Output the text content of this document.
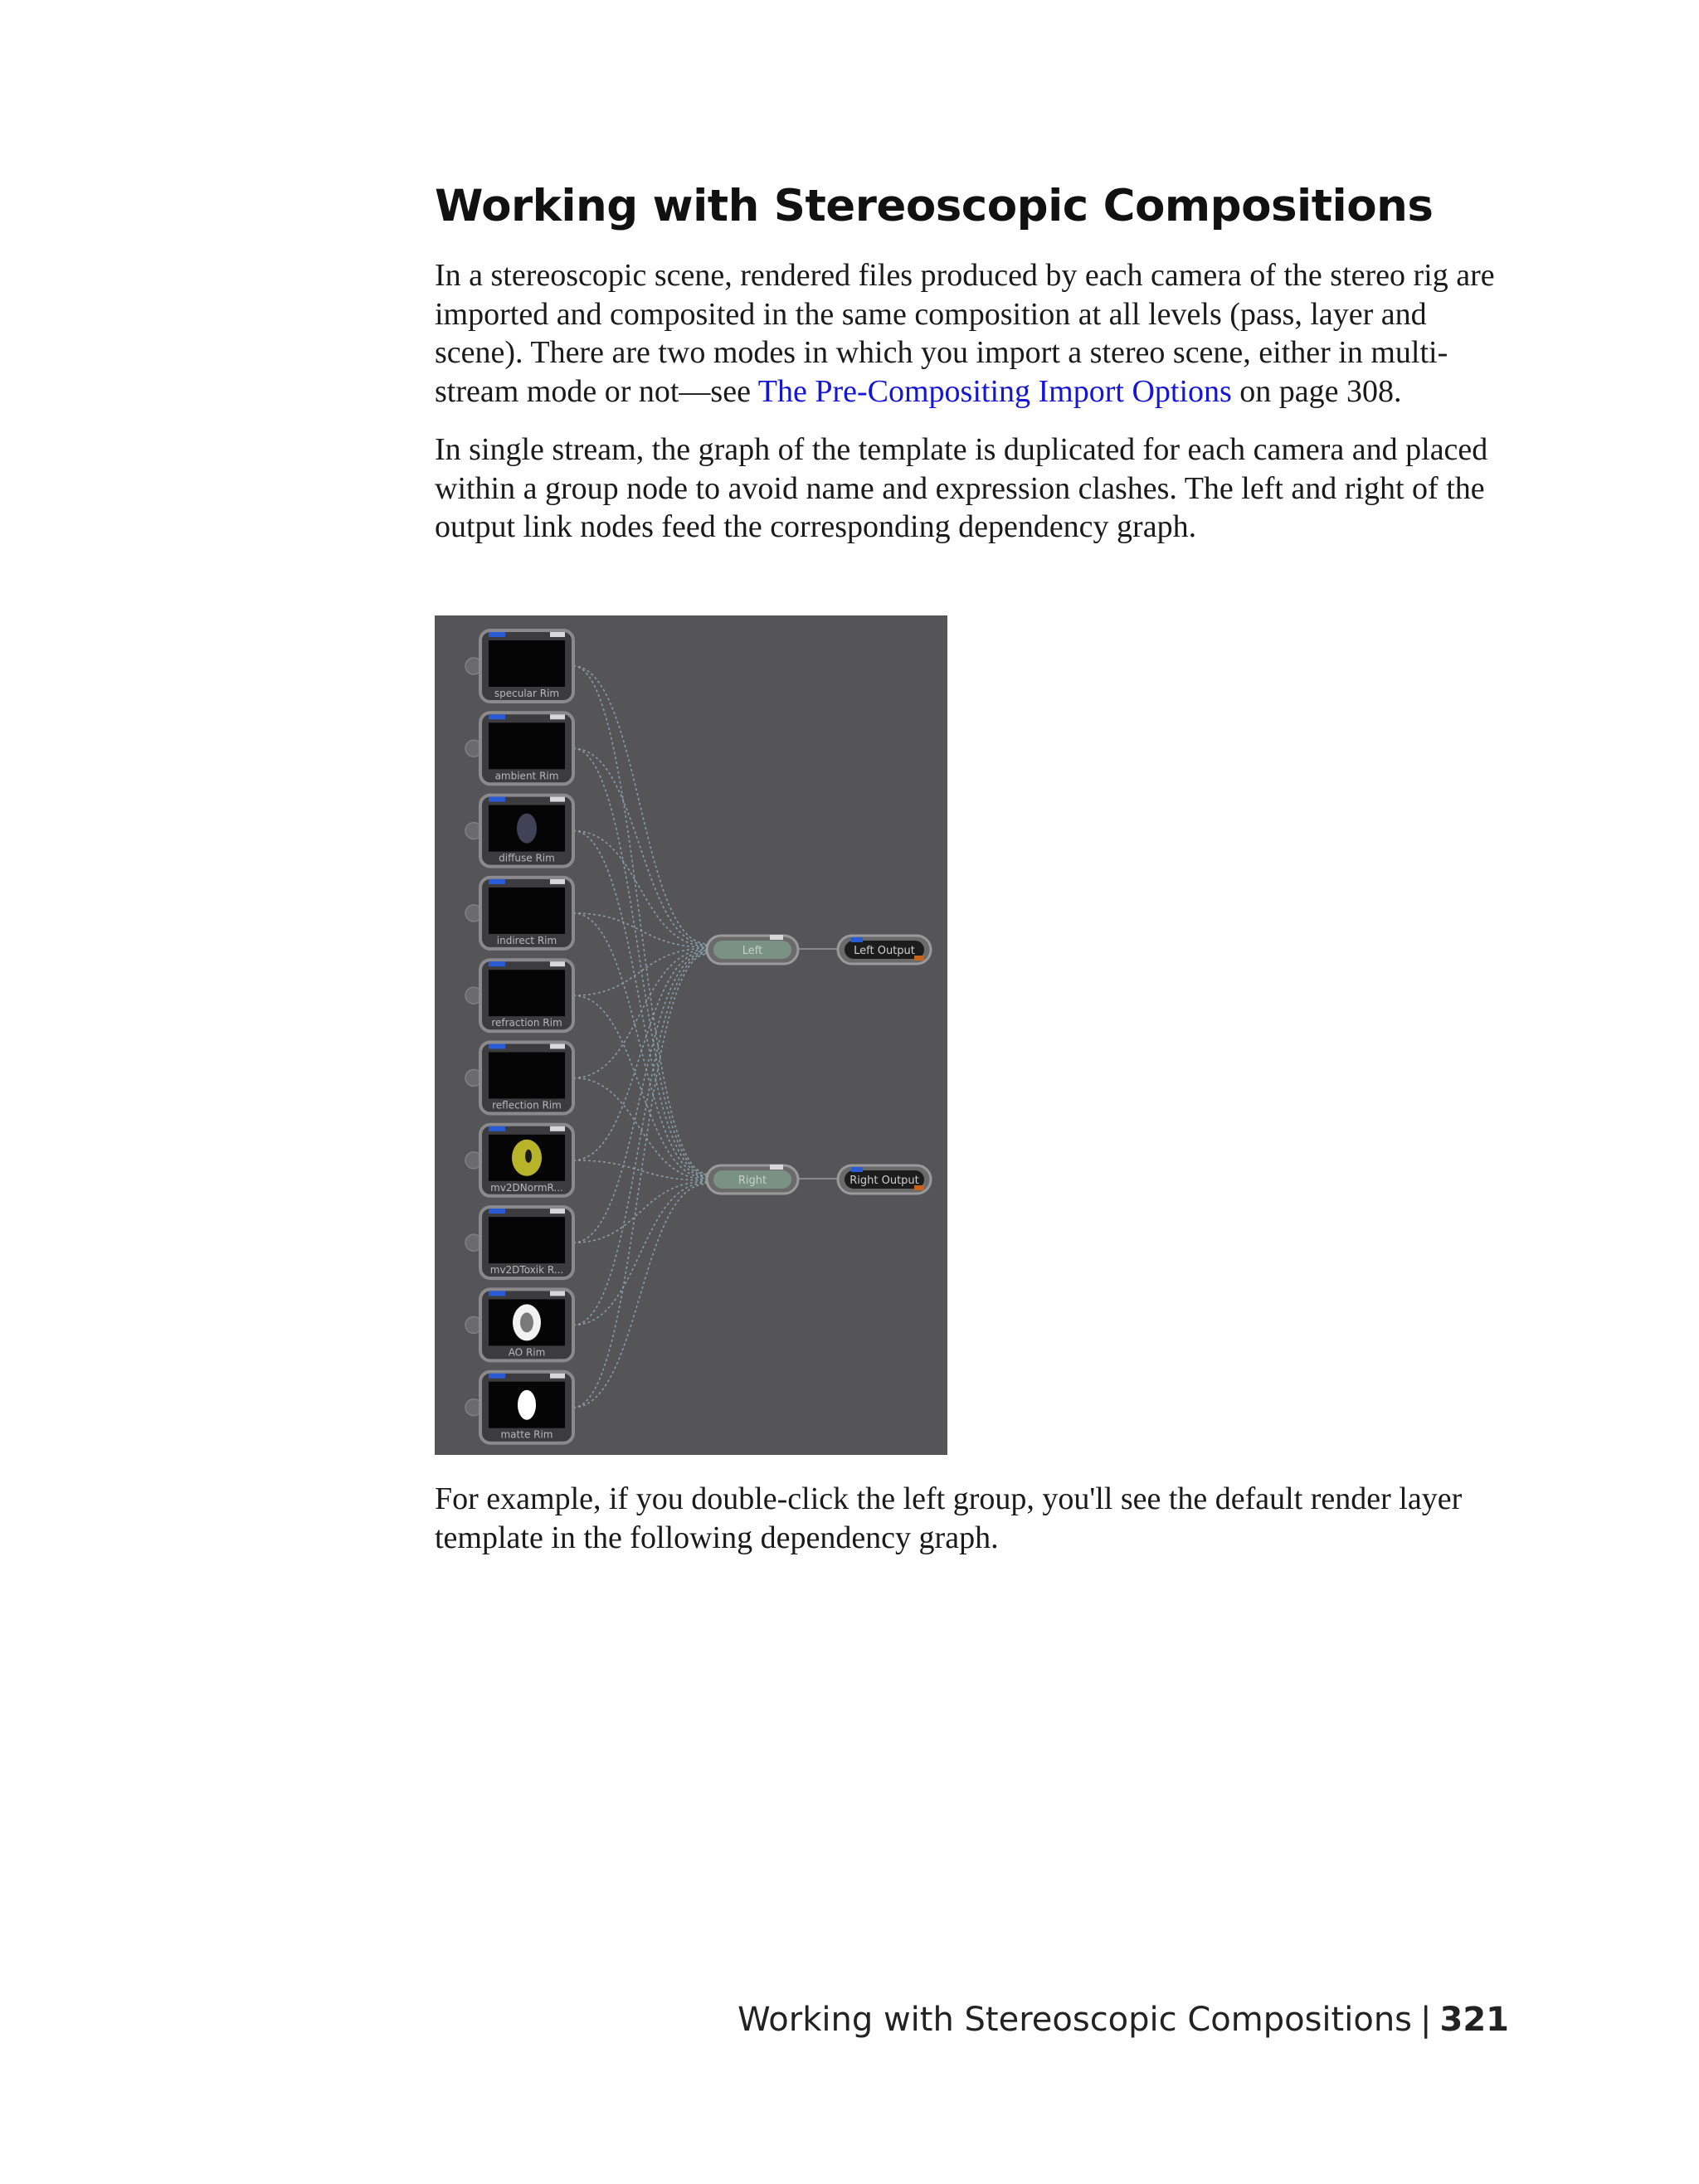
Working with Stereoscopic Compositions

In a stereoscopic scene, rendered files produced by each camera of the stereo rig are imported and composited in the same composition at all levels (pass, layer and scene). There are two modes in which you import a stereo scene, either in multi-stream mode or not—see The Pre-Compositing Import Options on page 308.

In single stream, the graph of the template is duplicated for each camera and placed within a group node to avoid name and expression clashes. The left and right of the output link nodes feed the corresponding dependency graph.

specular Rim
ambient Rim
diffuse Rim
indirect Rim
refraction Rim
reflection Rim
mv2DNormR...
mv2DToxik R...
AO Rim
matte Rim
Left	Left Output
Right	Right Output

For example, if you double-click the left group, you'll see the default render layer template in the following dependency graph.

Working with Stereoscopic Compositions | 321
